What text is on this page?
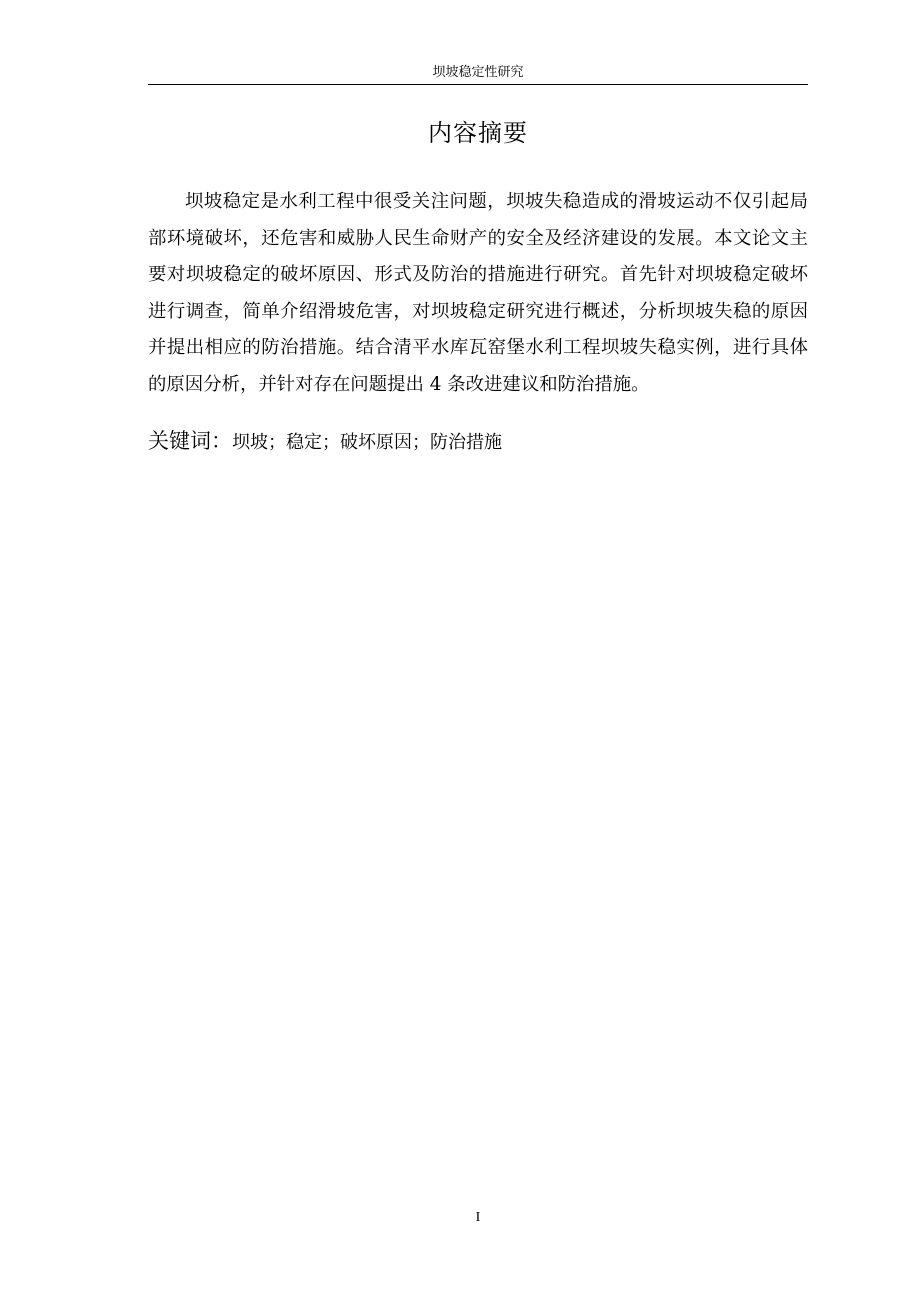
坝坡稳定性研究
内容摘要

坝坡稳定是水利工程中很受关注问题，坝坡失稳造成的滑坡运动不仅引起局部环境破坏，还危害和威胁人民生命财产的安全及经济建设的发展。本文论文主要对坝坡稳定的破坏原因、形式及防治的措施进行研究。首先针对坝坡稳定破坏进行调查，简单介绍滑坡危害，对坝坡稳定研究进行概述，分析坝坡失稳的原因并提出相应的防治措施。结合清平水库瓦窑堡水利工程坝坡失稳实例，进行具体的原因分析，并针对存在问题提出 4 条改进建议和防治措施。

关键词：坝坡；稳定；破坏原因；防治措施

I
